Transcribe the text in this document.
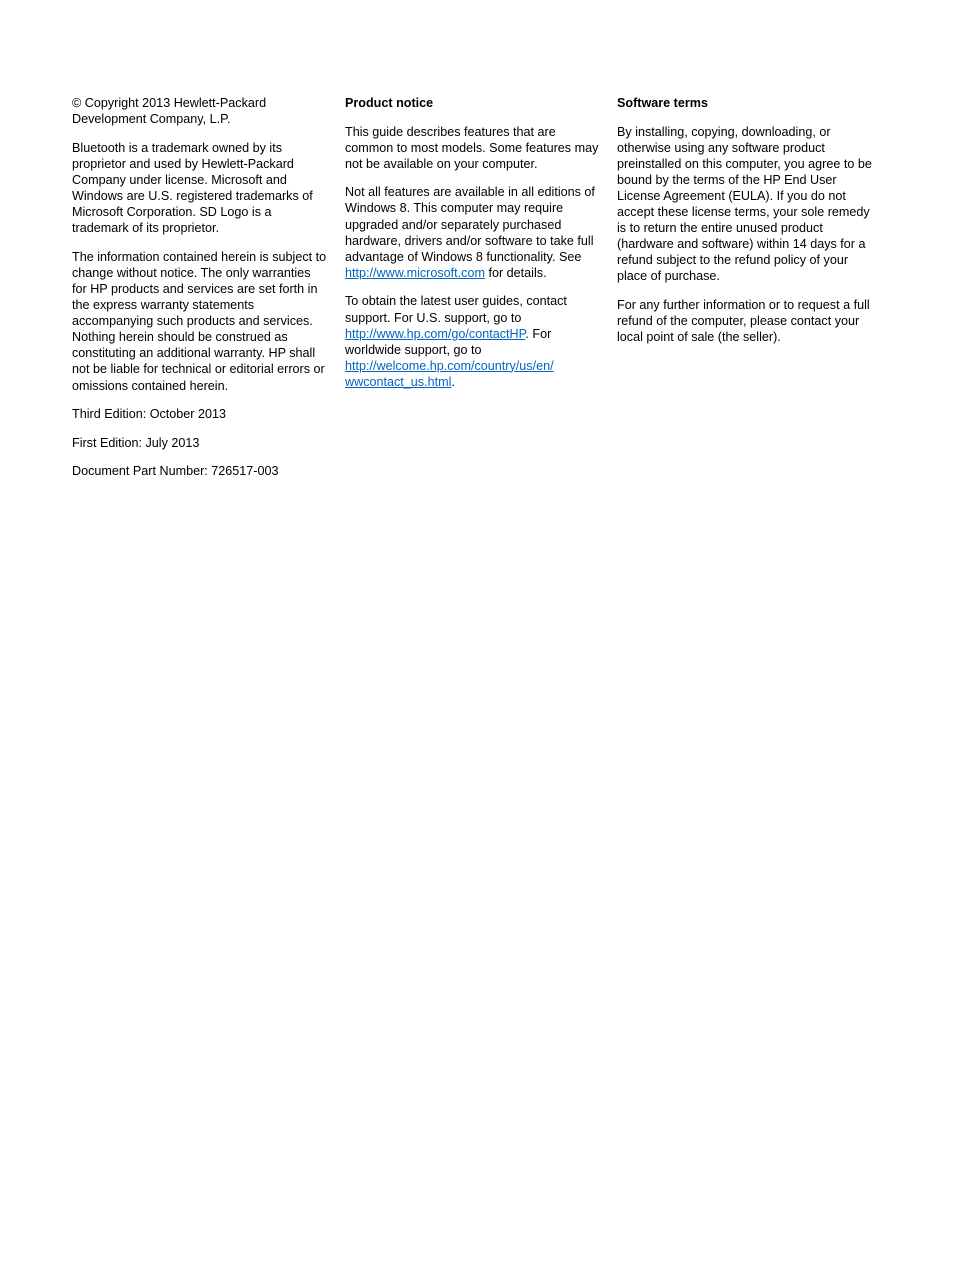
© Copyright 2013 Hewlett-Packard Development Company, L.P.

Bluetooth is a trademark owned by its proprietor and used by Hewlett-Packard Company under license. Microsoft and Windows are U.S. registered trademarks of Microsoft Corporation. SD Logo is a trademark of its proprietor.

The information contained herein is subject to change without notice. The only warranties for HP products and services are set forth in the express warranty statements accompanying such products and services. Nothing herein should be construed as constituting an additional warranty. HP shall not be liable for technical or editorial errors or omissions contained herein.

Third Edition: October 2013

First Edition: July 2013

Document Part Number: 726517-003

Product notice

This guide describes features that are common to most models. Some features may not be available on your computer.

Not all features are available in all editions of Windows 8. This computer may require upgraded and/or separately purchased hardware, drivers and/or software to take full advantage of Windows 8 functionality. See http://www.microsoft.com for details.

To obtain the latest user guides, contact support. For U.S. support, go to http://www.hp.com/go/contactHP. For worldwide support, go to http://welcome.hp.com/country/us/en/
wwcontact_us.html.

Software terms

By installing, copying, downloading, or otherwise using any software product preinstalled on this computer, you agree to be bound by the terms of the HP End User License Agreement (EULA). If you do not accept these license terms, your sole remedy is to return the entire unused product (hardware and software) within 14 days for a refund subject to the refund policy of your place of purchase.

For any further information or to request a full refund of the computer, please contact your local point of sale (the seller).
